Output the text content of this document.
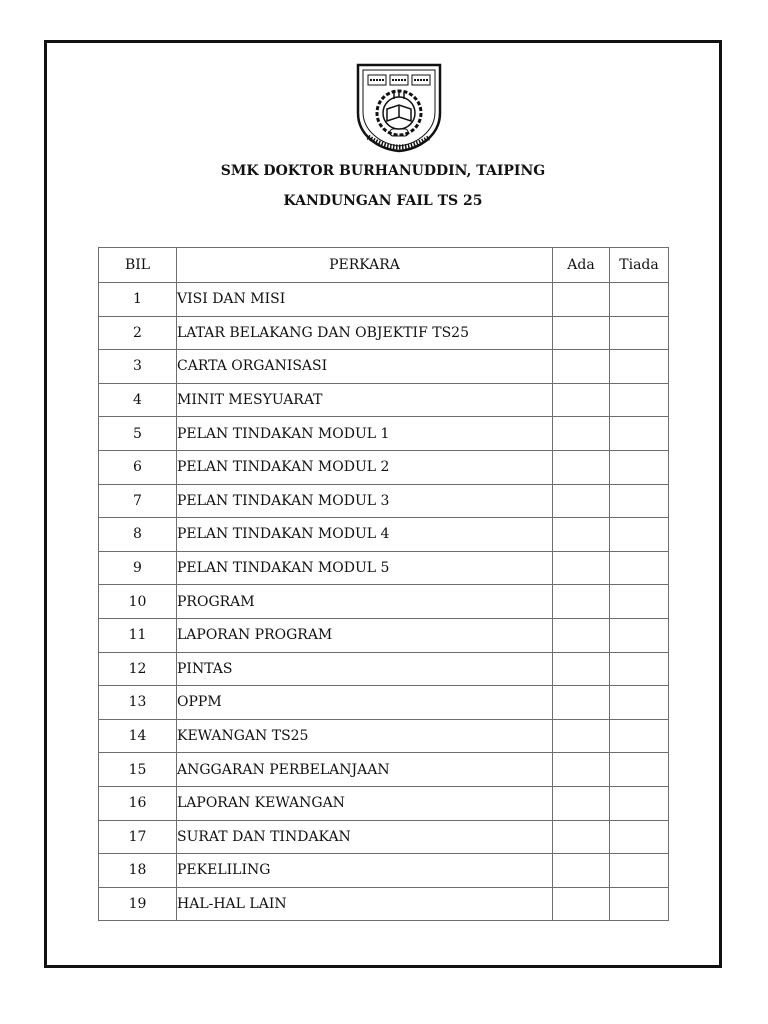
SMK DOKTOR BURHANUDDIN, TAIPING
KANDUNGAN FAIL TS 25
BIL	PERKARA	Ada	Tiada
1	VISI DAN MISI		
2	LATAR BELAKANG DAN OBJEKTIF TS25		
3	CARTA ORGANISASI		
4	MINIT MESYUARAT		
5	PELAN TINDAKAN MODUL 1		
6	PELAN TINDAKAN MODUL 2		
7	PELAN TINDAKAN MODUL 3		
8	PELAN TINDAKAN MODUL 4		
9	PELAN TINDAKAN MODUL 5		
10	PROGRAM		
11	LAPORAN PROGRAM		
12	PINTAS		
13	OPPM		
14	KEWANGAN TS25		
15	ANGGARAN PERBELANJAAN		
16	LAPORAN KEWANGAN		
17	SURAT DAN TINDAKAN		
18	PEKELILING		
19	HAL-HAL LAIN		
